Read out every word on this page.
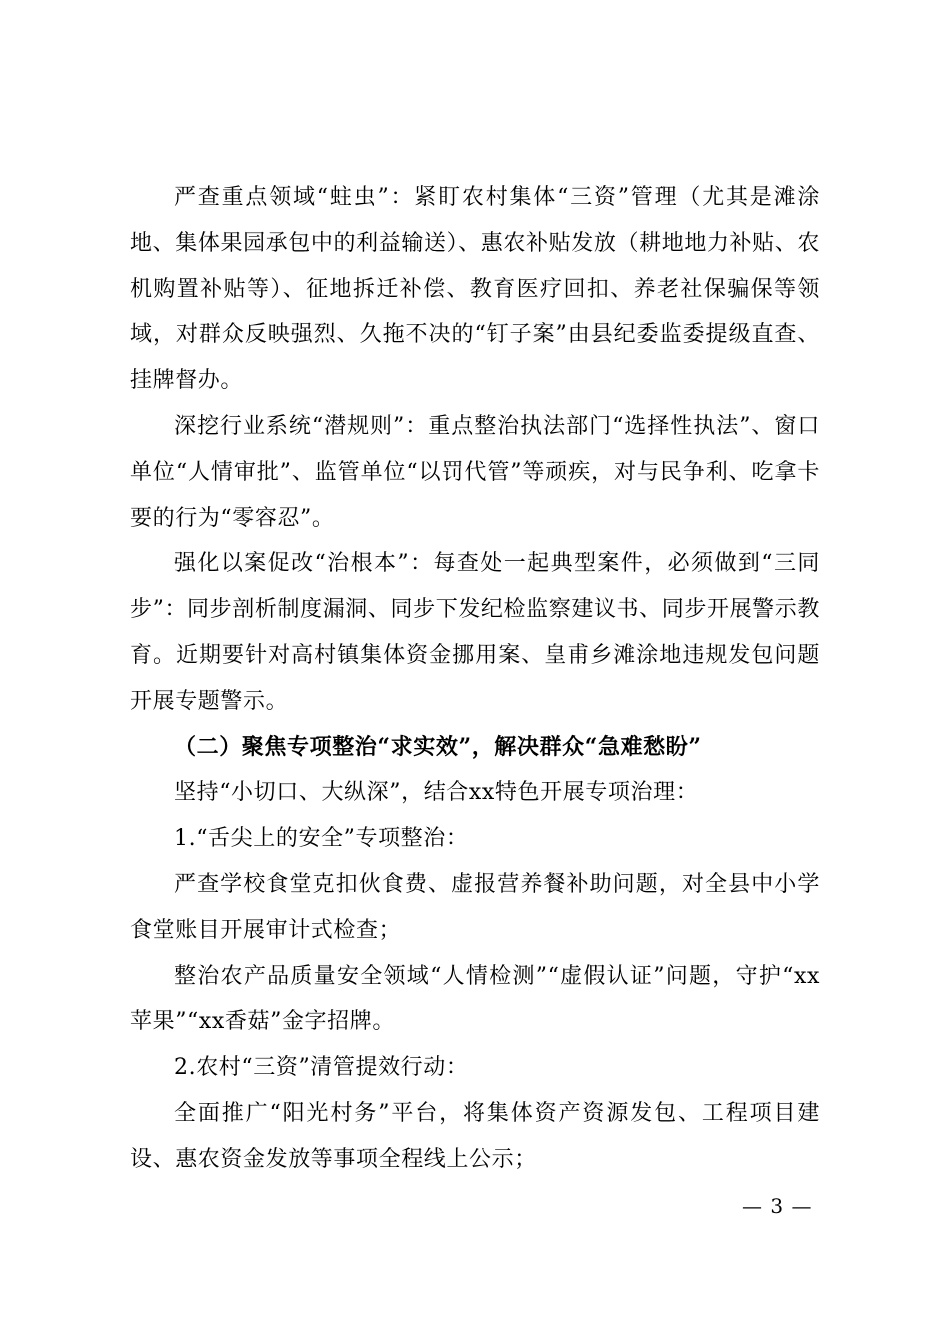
严查重点领域“蛀虫”：紧盯农村集体“三资”管理（尤其是滩涂地、集体果园承包中的利益输送）、惠农补贴发放（耕地地力补贴、农机购置补贴等）、征地拆迁补偿、教育医疗回扣、养老社保骗保等领域，对群众反映强烈、久拖不决的“钉子案”由县纪委监委提级直查、挂牌督办。

深挖行业系统“潜规则”：重点整治执法部门“选择性执法”、窗口单位“人情审批”、监管单位“以罚代管”等顽疾，对与民争利、吃拿卡要的行为“零容忍”。

强化以案促改“治根本”：每查处一起典型案件，必须做到“三同步”：同步剖析制度漏洞、同步下发纪检监察建议书、同步开展警示教育。近期要针对高村镇集体资金挪用案、皇甫乡滩涂地违规发包问题开展专题警示。

（二）聚焦专项整治“求实效”，解决群众“急难愁盼”

坚持“小切口、大纵深”，结合xx特色开展专项治理：

1.“舌尖上的安全”专项整治：

严查学校食堂克扣伙食费、虚报营养餐补助问题，对全县中小学食堂账目开展审计式检查；

整治农产品质量安全领域“人情检测”“虚假认证”问题，守护“xx苹果”“xx香菇”金字招牌。

2.农村“三资”清管提效行动：

全面推广“阳光村务”平台，将集体资产资源发包、工程项目建设、惠农资金发放等事项全程线上公示；

— 3 —
